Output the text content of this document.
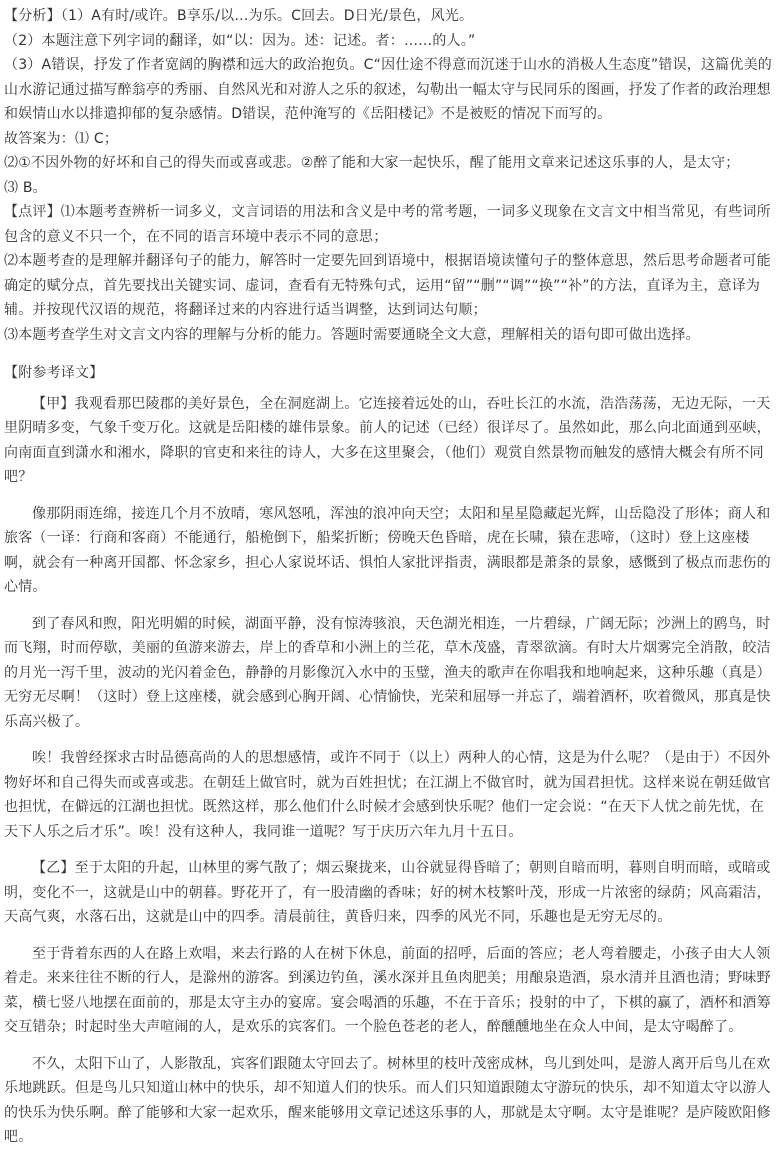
【分析】（1）A有时/或许。B享乐/以…为乐。C回去。D日光/景色，风光。

（2）本题注意下列字词的翻译，如“以：因为。述：记述。者：……的人。”

（3）A错误，抒发了作者宽阔的胸襟和远大的政治抱负。C“因仕途不得意而沉迷于山水的消极人生态度”错误，这篇优美的山水游记通过描写醉翁亭的秀丽、自然风光和对游人之乐的叙述，勾勒出一幅太守与民同乐的图画，抒发了作者的政治理想和娱情山水以排遣抑郁的复杂感情。D错误，范仲淹写的《岳阳楼记》不是被贬的情况下而写的。

故答案为：⑴ C；

⑵①不因外物的好坏和自己的得失而或喜或悲。②醉了能和大家一起快乐，醒了能用文章来记述这乐事的人，是太守；

⑶ B。

【点评】⑴本题考查辨析一词多义，文言词语的用法和含义是中考的常考题，一词多义现象在文言文中相当常见，有些词所包含的意义不只一个，在不同的语言环境中表示不同的意思；

⑵本题考查的是理解并翻译句子的能力，解答时一定要先回到语境中，根据语境读懂句子的整体意思，然后思考命题者可能确定的赋分点，首先要找出关键实词、虚词，查看有无特殊句式，运用“留”“删”“调”“换”“补”的方法，直译为主，意译为辅。并按现代汉语的规范，将翻译过来的内容进行适当调整，达到词达句顺；

⑶本题考查学生对文言文内容的理解与分析的能力。答题时需要通晓全文大意，理解相关的语句即可做出选择。

【附参考译文】

【甲】我观看那巴陵郡的美好景色，全在洞庭湖上。它连接着远处的山，吞吐长江的水流，浩浩荡荡，无边无际，一天里阴晴多变，气象千变万化。这就是岳阳楼的雄伟景象。前人的记述（已经）很详尽了。虽然如此，那么向北面通到巫峡，向南面直到潇水和湘水，降职的官吏和来往的诗人，大多在这里聚会，（他们）观赏自然景物而触发的感情大概会有所不同吧？

像那阴雨连绵，接连几个月不放晴，寒风怒吼，浑浊的浪冲向天空；太阳和星星隐藏起光辉，山岳隐没了形体；商人和旅客（一译：行商和客商）不能通行，船桅倒下，船桨折断；傍晚天色昏暗，虎在长啸，猿在悲啼，（这时）登上这座楼啊，就会有一种离开国都、怀念家乡，担心人家说坏话、惧怕人家批评指责，满眼都是萧条的景象，感慨到了极点而悲伤的心情。

到了春风和煦，阳光明媚的时候，湖面平静，没有惊涛骇浪，天色湖光相连，一片碧绿，广阔无际；沙洲上的鸥鸟，时而飞翔，时而停歇，美丽的鱼游来游去，岸上的香草和小洲上的兰花，草木茂盛，青翠欲滴。有时大片烟雾完全消散，皎洁的月光一泻千里，波动的光闪着金色，静静的月影像沉入水中的玉璧，渔夫的歌声在你唱我和地响起来，这种乐趣（真是）无穷无尽啊！（这时）登上这座楼，就会感到心胸开阔、心情愉快，光荣和屈辱一并忘了，端着酒杯，吹着微风，那真是快乐高兴极了。

唉！我曾经探求古时品德高尚的人的思想感情，或许不同于（以上）两种人的心情，这是为什么呢？（是由于）不因外物好坏和自己得失而或喜或悲。在朝廷上做官时，就为百姓担忧；在江湖上不做官时，就为国君担忧。这样来说在朝廷做官也担忧，在僻远的江湖也担忧。既然这样，那么他们什么时候才会感到快乐呢？他们一定会说：“在天下人忧之前先忧，在天下人乐之后才乐”。唉！没有这种人，我同谁一道呢？写于庆历六年九月十五日。

【乙】至于太阳的升起，山林里的雾气散了；烟云聚拢来，山谷就显得昏暗了；朝则自暗而明，暮则自明而暗，或暗或明，变化不一，这就是山中的朝暮。野花开了，有一股清幽的香味；好的树木枝繁叶茂，形成一片浓密的绿荫；风高霜洁，天高气爽，水落石出，这就是山中的四季。清晨前往，黄昏归来，四季的风光不同，乐趣也是无穷无尽的。

至于背着东西的人在路上欢唱，来去行路的人在树下休息，前面的招呼，后面的答应；老人弯着腰走，小孩子由大人领着走。来来往往不断的行人，是滁州的游客。到溪边钓鱼，溪水深并且鱼肉肥美；用酿泉造酒，泉水清并且酒也清；野味野菜，横七竖八地摆在面前的，那是太守主办的宴席。宴会喝酒的乐趣，不在于音乐；投射的中了，下棋的赢了，酒杯和酒筹交互错杂；时起时坐大声喧闹的人，是欢乐的宾客们。一个脸色苍老的老人，醉醺醺地坐在众人中间，是太守喝醉了。

不久，太阳下山了，人影散乱，宾客们跟随太守回去了。树林里的枝叶茂密成林，鸟儿到处叫，是游人离开后鸟儿在欢乐地跳跃。但是鸟儿只知道山林中的快乐，却不知道人们的快乐。而人们只知道跟随太守游玩的快乐，却不知道太守以游人的快乐为快乐啊。醉了能够和大家一起欢乐，醒来能够用文章记述这乐事的人，那就是太守啊。太守是谁呢？是庐陵欧阳修吧。
